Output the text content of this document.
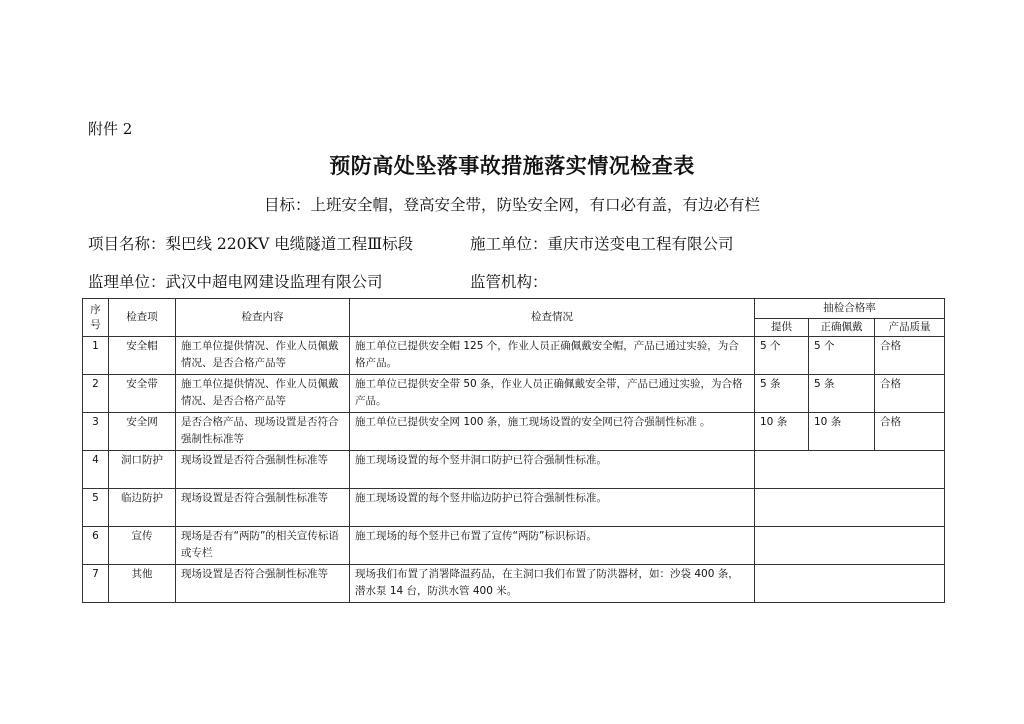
附件 2
预防高处坠落事故措施落实情况检查表
目标：上班安全帽，登高安全带，防坠安全网，有口必有盖，有边必有栏
项目名称：梨巴线 220KV 电缆隧道工程Ⅲ标段	施工单位：重庆市送变电工程有限公司
监理单位：武汉中超电网建设监理有限公司	监管机构：
序
号	检查项	检查内容	检查情况	抽检合格率		
				提供	正确佩戴	产品质量
1	安全帽	施工单位提供情况、作业人员佩戴情况、是否合格产品等	施工单位已提供安全帽 125 个，作业人员正确佩戴安全帽，产品已通过实验，为合格产品。	5 个	5 个	合格
2	安全带	施工单位提供情况、作业人员佩戴情况、是否合格产品等	施工单位已提供安全带 50 条，作业人员正确佩戴安全带，产品已通过实验，为合格产品。	5 条	5 条	合格
3	安全网	是否合格产品、现场设置是否符合强制性标准等	施工单位已提供安全网 100 条，施工现场设置的安全网已符合强制性标准 。	10 条	10 条	合格
4	洞口防护	现场设置是否符合强制性标准等	施工现场设置的每个竖井洞口防护已符合强制性标准。			
5	临边防护	现场设置是否符合强制性标准等	施工现场设置的每个竖井临边防护已符合强制性标准。			
6	宣传	现场是否有“两防”的相关宣传标语或专栏	施工现场的每个竖井已布置了宣传“两防”标识标语。			
7	其他	现场设置是否符合强制性标准等	现场我们布置了消署降温药品，在主洞口我们布置了防洪器材，如：沙袋 400 条，潜水泵 14 台，防洪水管 400 米。			
